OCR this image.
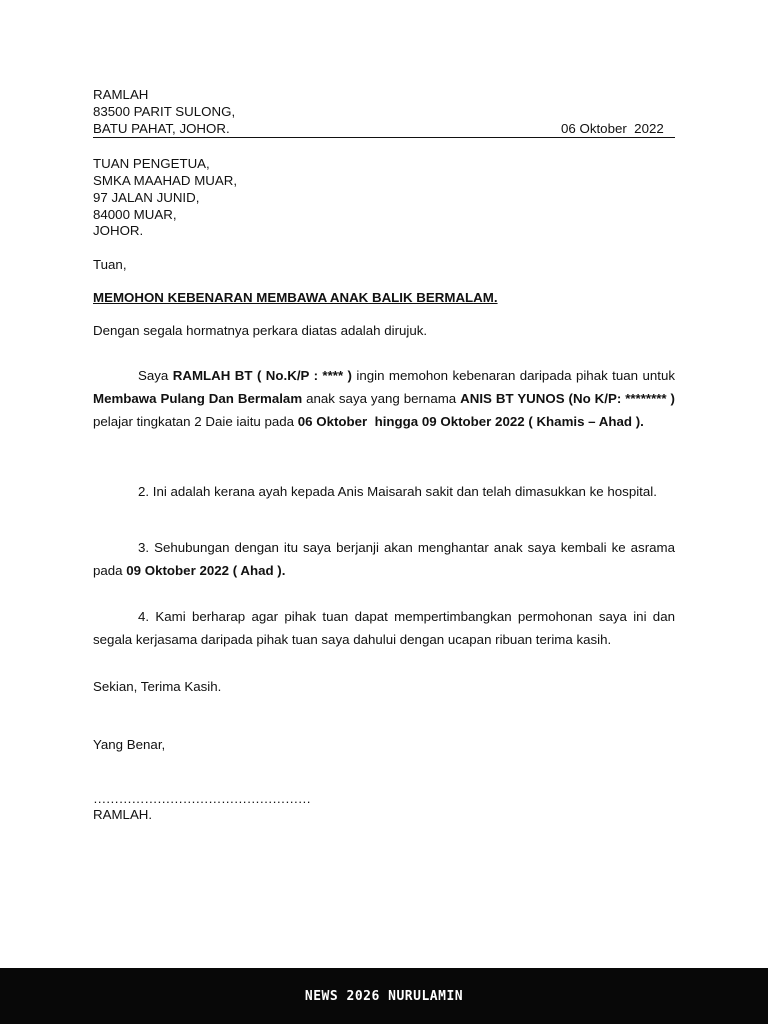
RAMLAH
83500 PARIT SULONG,
BATU PAHAT, JOHOR.	06 Oktober  2022
TUAN PENGETUA,
SMKA MAAHAD MUAR,
97 JALAN JUNID,
84000 MUAR,
JOHOR.
Tuan,
MEMOHON KEBENARAN MEMBAWA ANAK BALIK BERMALAM.
Dengan segala hormatnya perkara diatas adalah dirujuk.
Saya RAMLAH BT ( No.K/P : **** ) ingin memohon kebenaran daripada pihak tuan untuk Membawa Pulang Dan Bermalam anak saya yang bernama ANIS BT YUNOS (No K/P: ******** ) pelajar tingkatan 2 Daie iaitu pada 06 Oktober  hingga 09 Oktober 2022 ( Khamis – Ahad ).
2. Ini adalah kerana ayah kepada Anis Maisarah sakit dan telah dimasukkan ke hospital.
3. Sehubungan dengan itu saya berjanji akan menghantar anak saya kembali ke asrama pada 09 Oktober 2022 ( Ahad ).
4. Kami berharap agar pihak tuan dapat mempertimbangkan permohonan saya ini dan segala kerjasama daripada pihak tuan saya dahului dengan ucapan ribuan terima kasih.
Sekian, Terima Kasih.
Yang Benar,
……………………………………………
RAMLAH.
NEWS 2026 NURULAMIN
